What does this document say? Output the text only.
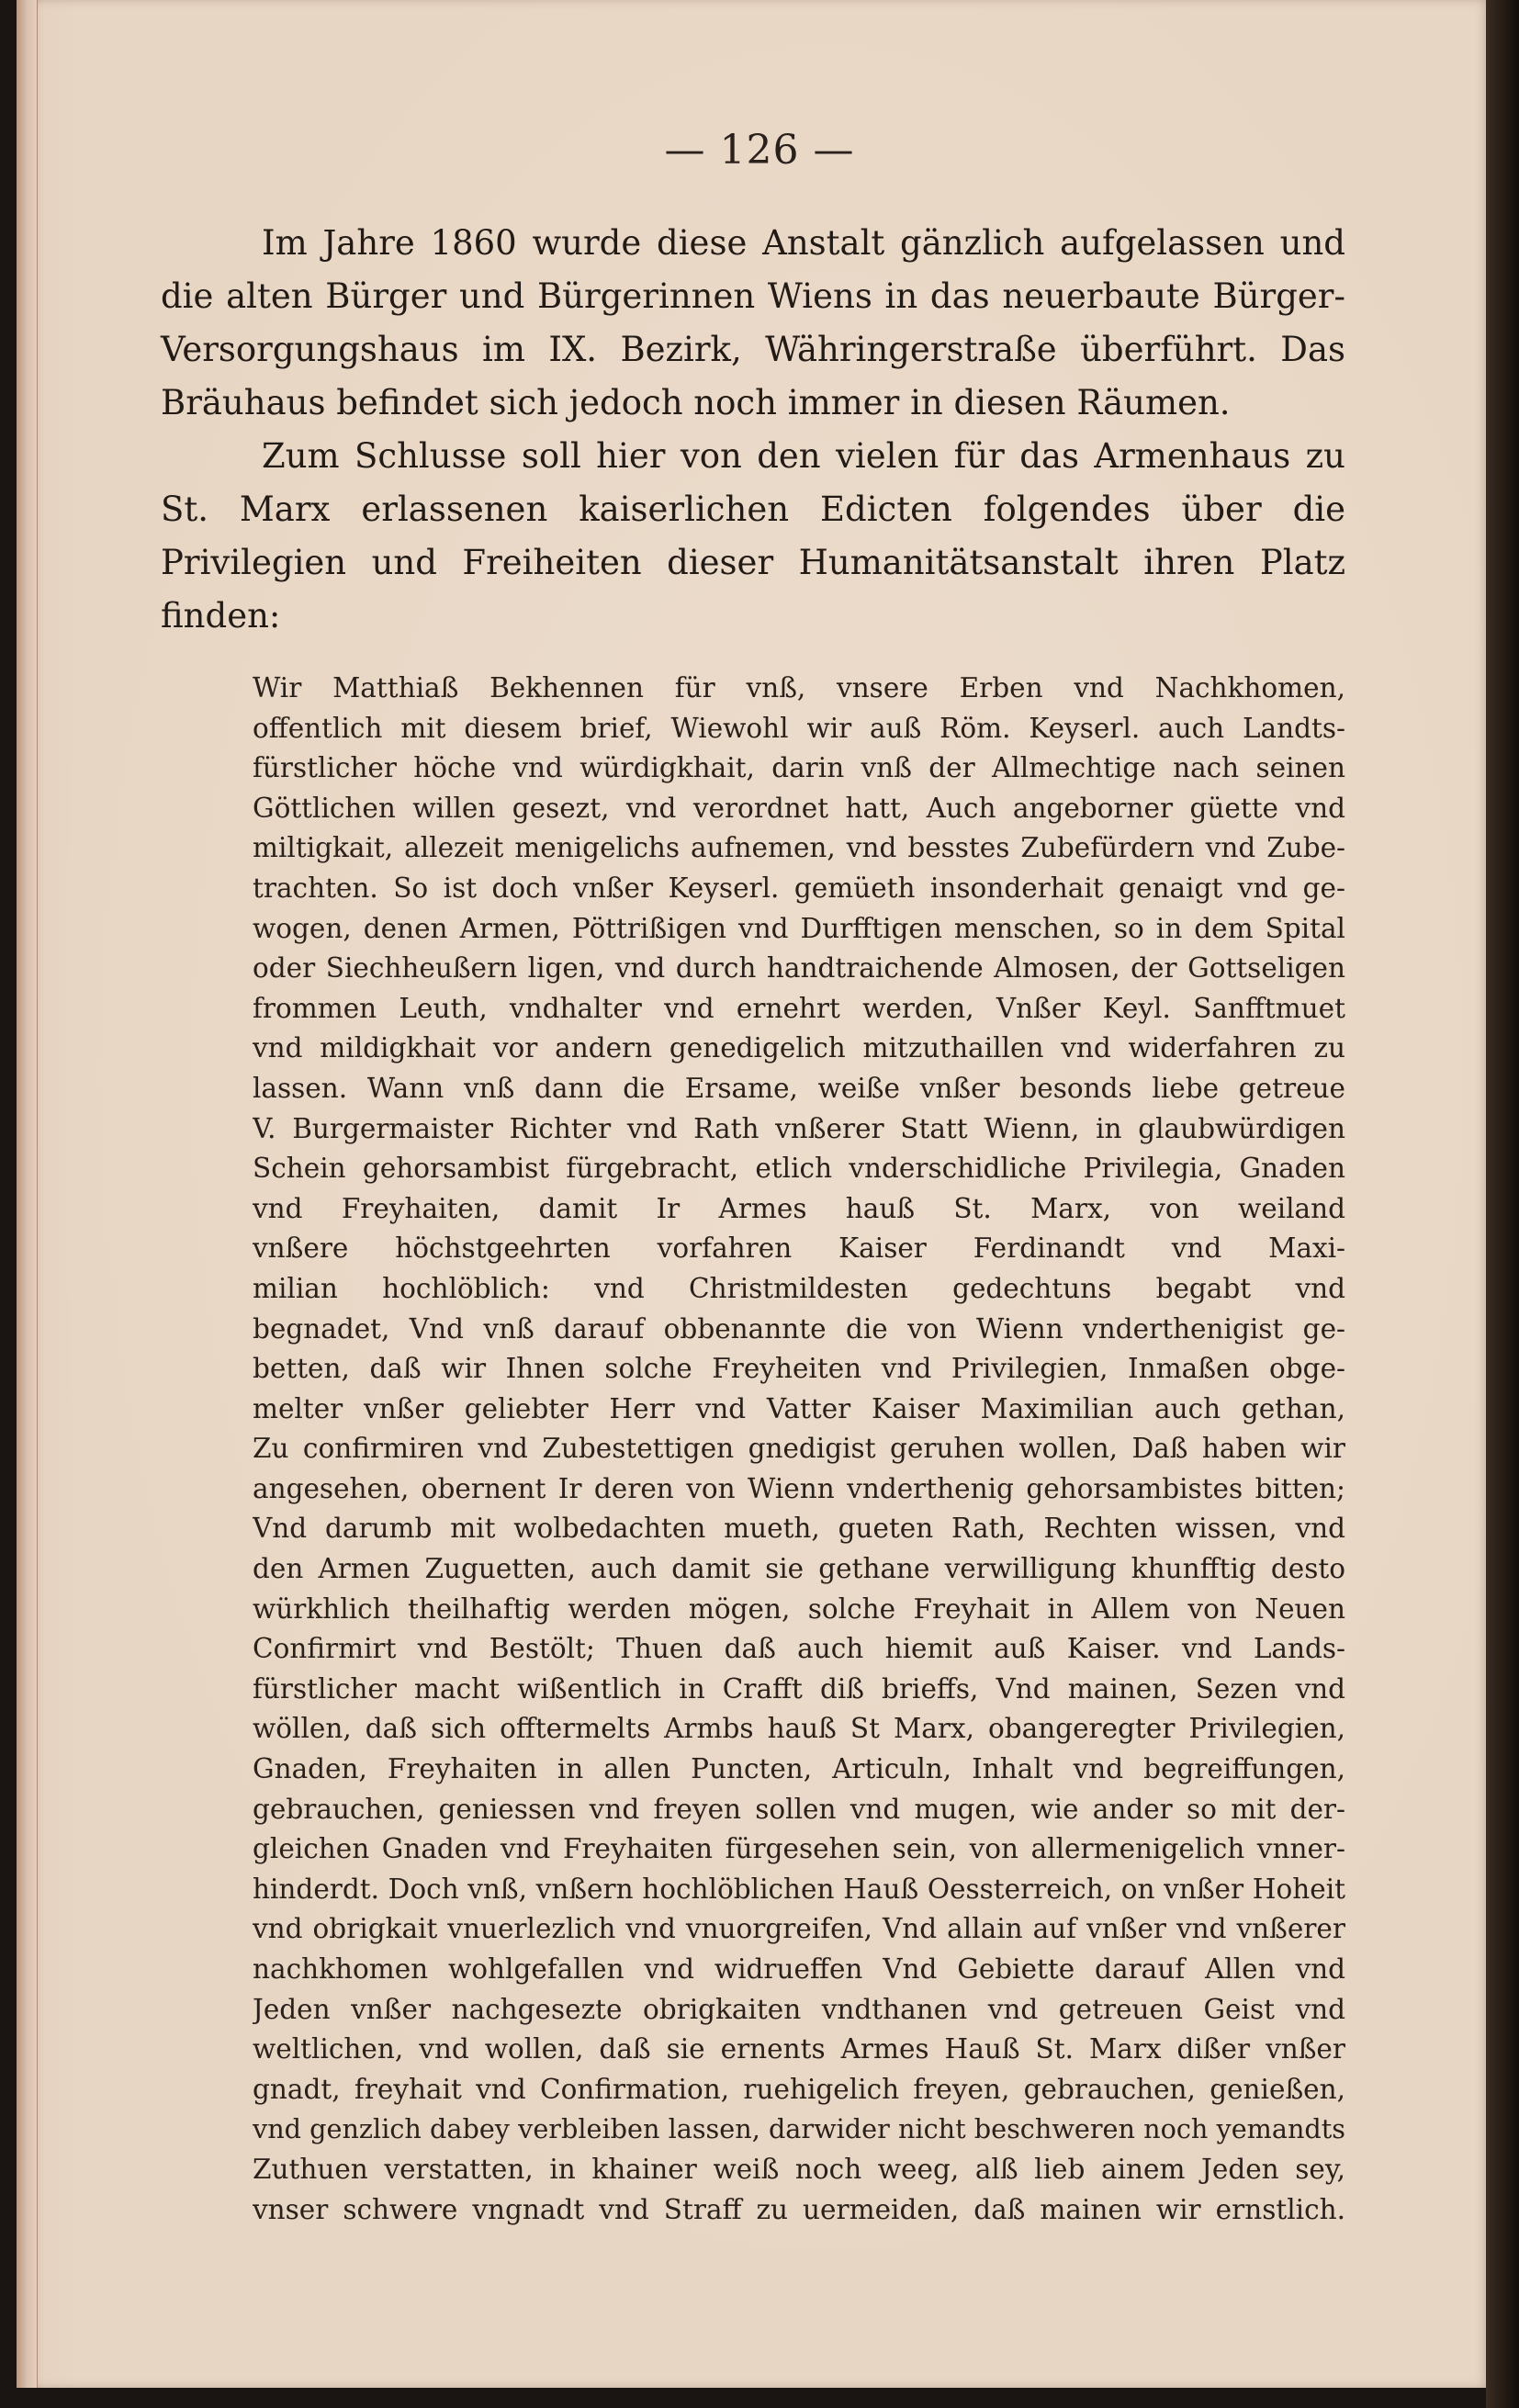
— 126 —

Im Jahre 1860 wurde diese Anstalt gänzlich aufgelassen und die alten Bürger und Bürgerinnen Wiens in das neuerbaute Bürger-Versorgungshaus im IX. Bezirk, Währingerstraße überführt. Das Bräuhaus befindet sich jedoch noch immer in diesen Räumen.

Zum Schlusse soll hier von den vielen für das Armenhaus zu St. Marx erlassenen kaiserlichen Edicten folgendes über die Privilegien und Freiheiten dieser Humanitätsanstalt ihren Platz finden:

Wir Matthiaß Bekhennen für vnß, vnsere Erben vnd Nachkhomen,
offentlich mit diesem brief, Wiewohl wir auß Röm. Keyserl. auch Landts-
fürstlicher höche vnd würdigkhait, darin vnß der Allmechtige nach seinen
Göttlichen willen gesezt, vnd verordnet hatt, Auch angeborner güette vnd
miltigkait, allezeit menigelichs aufnemen, vnd besstes Zubefürdern vnd Zube-
trachten. So ist doch vnßer Keyserl. gemüeth insonderhait genaigt vnd ge-
wogen, denen Armen, Pöttrißigen vnd Durfftigen menschen, so in dem Spital
oder Siechheußern ligen, vnd durch handtraichende Almosen, der Gottseligen
frommen Leuth, vndhalter vnd ernehrt werden, Vnßer Keyl. Sanfftmuet
vnd mildigkhait vor andern genedigelich mitzuthaillen vnd widerfahren zu
lassen. Wann vnß dann die Ersame, weiße vnßer besonds liebe getreue
V. Burgermaister Richter vnd Rath vnßerer Statt Wienn, in glaubwürdigen
Schein gehorsambist fürgebracht, etlich vnderschidliche Privilegia, Gnaden
vnd Freyhaiten, damit Ir Armes hauß St. Marx, von weiland
vnßere höchstgeehrten vorfahren Kaiser Ferdinandt vnd Maxi-
milian hochlöblich: vnd Christmildesten gedechtuns begabt vnd
begnadet, Vnd vnß darauf obbenannte die von Wienn vnderthenigist ge-
betten, daß wir Ihnen solche Freyheiten vnd Privilegien, Inmaßen obge-
melter vnßer geliebter Herr vnd Vatter Kaiser Maximilian auch gethan,
Zu confirmiren vnd Zubestettigen gnedigist geruhen wollen, Daß haben wir
angesehen, obernent Ir deren von Wienn vnderthenig gehorsambistes bitten;
Vnd darumb mit wolbedachten mueth, gueten Rath, Rechten wissen, vnd
den Armen Zuguetten, auch damit sie gethane verwilligung khunfftig desto
würkhlich theilhaftig werden mögen, solche Freyhait in Allem von Neuen
Confirmirt vnd Bestölt; Thuen daß auch hiemit auß Kaiser. vnd Lands-
fürstlicher macht wißentlich in Crafft diß brieffs, Vnd mainen, Sezen vnd
wöllen, daß sich offtermelts Armbs hauß St Marx, obangeregter Privilegien,
Gnaden, Freyhaiten in allen Puncten, Articuln, Inhalt vnd begreiffungen,
gebrauchen, geniessen vnd freyen sollen vnd mugen, wie ander so mit der-
gleichen Gnaden vnd Freyhaiten fürgesehen sein, von allermenigelich vnner-
hinderdt. Doch vnß, vnßern hochlöblichen Hauß Oessterreich, on vnßer Hoheit
vnd obrigkait vnuerlezlich vnd vnuorgreifen, Vnd allain auf vnßer vnd vnßerer
nachkhomen wohlgefallen vnd widrueffen Vnd Gebiette darauf Allen vnd
Jeden vnßer nachgesezte obrigkaiten vndthanen vnd getreuen Geist vnd
weltlichen, vnd wollen, daß sie ernents Armes Hauß St. Marx dißer vnßer
gnadt, freyhait vnd Confirmation, ruehigelich freyen, gebrauchen, genießen,
vnd genzlich dabey verbleiben lassen, darwider nicht beschweren noch yemandts
Zuthuen verstatten, in khainer weiß noch weeg, alß lieb ainem Jeden sey,
vnser schwere vngnadt vnd Straff zu uermeiden, daß mainen wir ernstlich.
